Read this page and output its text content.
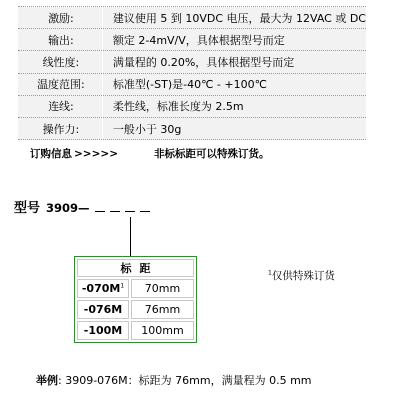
激励:	建议使用 5 到 10VDC 电压，最大为 12VAC 或 DC
输出:	额定 2-4mV/V，具体根据型号而定
线性度:	满量程的 0.20%，具体根据型号而定
温度范围:	标准型(-ST)是-40℃ - +100℃
连线:	柔性线，标准长度为 2.5m
操作力:	一般小于 30g
订购信息 >>>>>	非标标距可以特殊订货。
型号 3909—
标距	
$-070M^1$	70mm
-076M	76mm
-100M	100mm
$^1$仅供特殊订货
举例: 3909-076M：标距为 76mm，满量程为 0.5 mm
